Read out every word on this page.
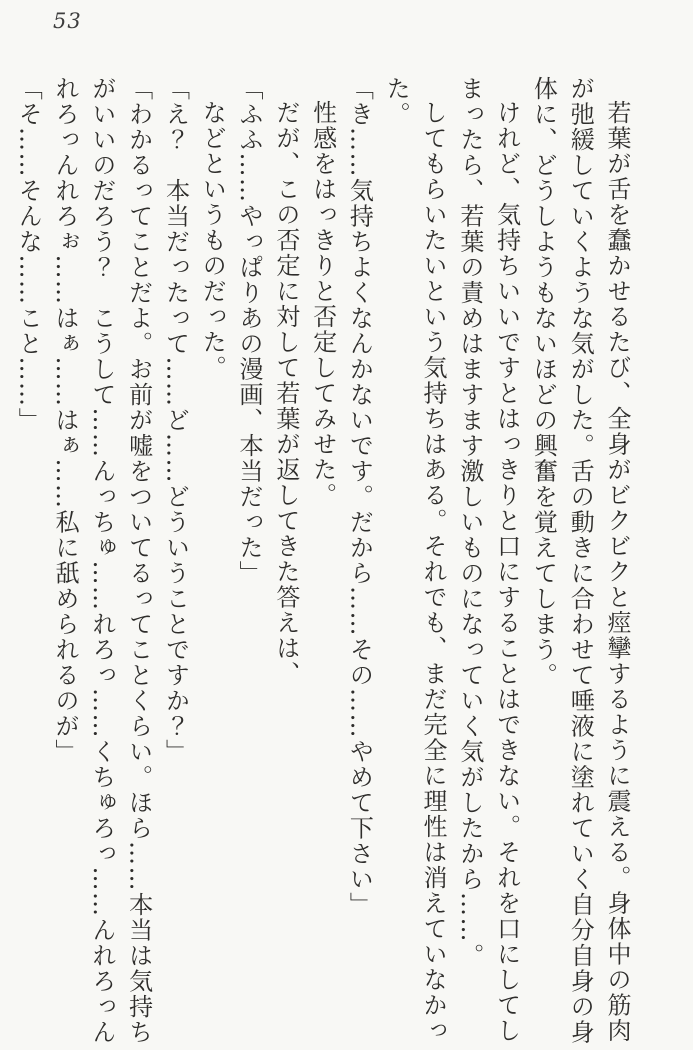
53

若葉が舌を蠢かせるたび、全身がビクビクと痙攣するように震える。身体中の筋肉が弛緩していくような気がした。舌の動きに合わせて唾液に塗れていく自分自身の身体に、どうしようもないほどの興奮を覚えてしまう。

けれど、気持ちいいですとはっきりと口にすることはできない。それを口にしてしまったら、若葉の責めはますます激しいものになっていく気がしたから……。

してもらいたいという気持ちはある。それでも、まだ完全に理性は消えていなかった。

「き……気持ちよくなんかないです。だから……その……やめて下さい」

性感をはっきりと否定してみせた。

だが、この否定に対して若葉が返してきた答えは、

「ふふ……やっぱりあの漫画、本当だった」

などというものだった。

「え？　本当だったって……ど……どういうことですか？」

「わかるってことだよ。お前が嘘をついてるってことくらい。ほら……本当は気持ちがいいのだろう？　こうして……んっちゅ……れろっ……くちゅろっ……んれろっんれろっんれろぉ……はぁ……はぁ……私に舐められるのが」

「そ……そんな……こと……」
